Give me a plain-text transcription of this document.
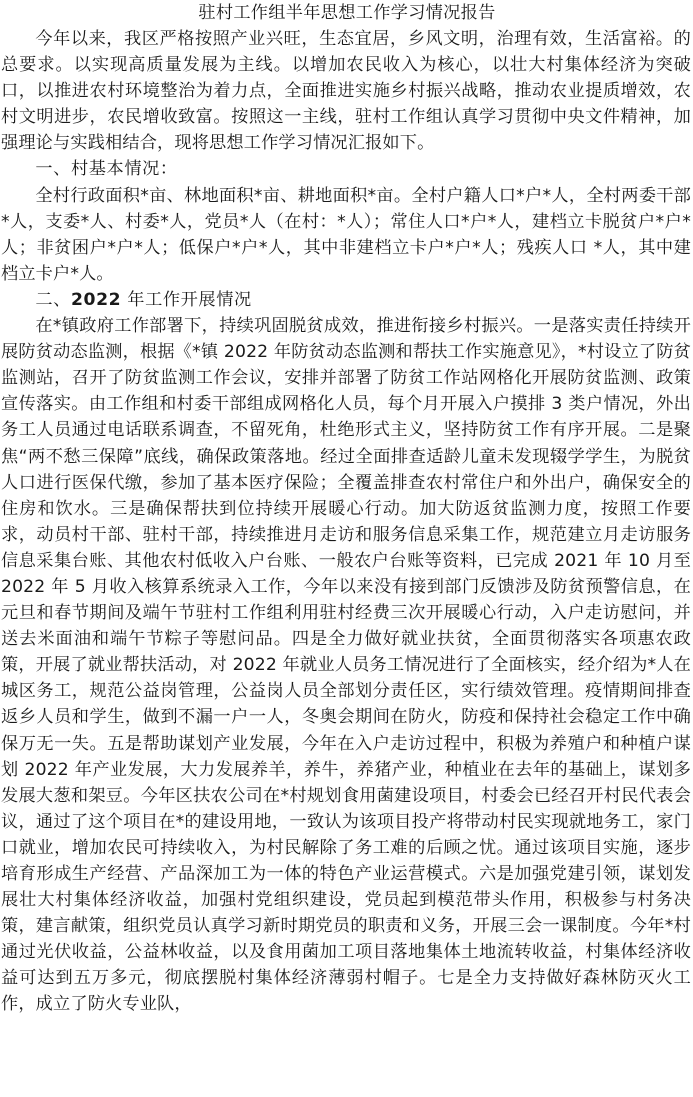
驻村工作组半年思想工作学习情况报告

今年以来，我区严格按照产业兴旺，生态宜居，乡风文明，治理有效，生活富裕。的总要求。以实现高质量发展为主线。以增加农民收入为核心，以壮大村集体经济为突破口，以推进农村环境整治为着力点，全面推进实施乡村振兴战略，推动农业提质增效，农村文明进步，农民增收致富。按照这一主线，驻村工作组认真学习贯彻中央文件精神，加强理论与实践相结合，现将思想工作学习情况汇报如下。

一、村基本情况：

全村行政面积*亩、林地面积*亩、耕地面积*亩。全村户籍人口*户*人，全村两委干部*人，支委*人、村委*人，党员*人（在村：*人）；常住人口*户*人，建档立卡脱贫户*户*人；非贫困户*户*人；低保户*户*人，其中非建档立卡户*户*人；残疾人口 *人，其中建档立卡户*人。

二、2022 年工作开展情况

在*镇政府工作部署下，持续巩固脱贫成效，推进衔接乡村振兴。一是落实责任持续开展防贫动态监测，根据《*镇 2022 年防贫动态监测和帮扶工作实施意见》，*村设立了防贫监测站，召开了防贫监测工作会议，安排并部署了防贫工作站网格化开展防贫监测、政策宣传落实。由工作组和村委干部组成网格化人员，每个月开展入户摸排 3 类户情况，外出务工人员通过电话联系调查，不留死角，杜绝形式主义，坚持防贫工作有序开展。二是聚焦“两不愁三保障”底线，确保政策落地。经过全面排查适龄儿童未发现辍学学生，为脱贫人口进行医保代缴，参加了基本医疗保险；全覆盖排查农村常住户和外出户，确保安全的住房和饮水。三是确保帮扶到位持续开展暖心行动。加大防返贫监测力度，按照工作要求，动员村干部、驻村干部，持续推进月走访和服务信息采集工作，规范建立月走访服务信息采集台账、其他农村低收入户台账、一般农户台账等资料，已完成 2021 年 10 月至 2022 年 5 月收入核算系统录入工作，今年以来没有接到部门反馈涉及防贫预警信息，在元旦和春节期间及端午节驻村工作组利用驻村经费三次开展暖心行动，入户走访慰问，并送去米面油和端午节粽子等慰问品。四是全力做好就业扶贫，全面贯彻落实各项惠农政策，开展了就业帮扶活动，对 2022 年就业人员务工情况进行了全面核实，经介绍为*人在城区务工，规范公益岗管理，公益岗人员全部划分责任区，实行绩效管理。疫情期间排查返乡人员和学生，做到不漏一户一人，冬奥会期间在防火，防疫和保持社会稳定工作中确保万无一失。五是帮助谋划产业发展，今年在入户走访过程中，积极为养殖户和种植户谋划 2022 年产业发展，大力发展养羊，养牛，养猪产业，种植业在去年的基础上，谋划多发展大葱和架豆。今年区扶农公司在*村规划食用菌建设项目，村委会已经召开村民代表会议，通过了这个项目在*的建设用地，一致认为该项目投产将带动村民实现就地务工，家门口就业，增加农民可持续收入，为村民解除了务工难的后顾之忧。通过该项目实施，逐步培育形成生产经营、产品深加工为一体的特色产业运营模式。六是加强党建引领，谋划发展壮大村集体经济收益，加强村党组织建设，党员起到模范带头作用，积极参与村务决策，建言献策，组织党员认真学习新时期党员的职责和义务，开展三会一课制度。今年*村通过光伏收益，公益林收益，以及食用菌加工项目落地集体土地流转收益，村集体经济收益可达到五万多元，彻底摆脱村集体经济薄弱村帽子。七是全力支持做好森林防灭火工作，成立了防火专业队，
